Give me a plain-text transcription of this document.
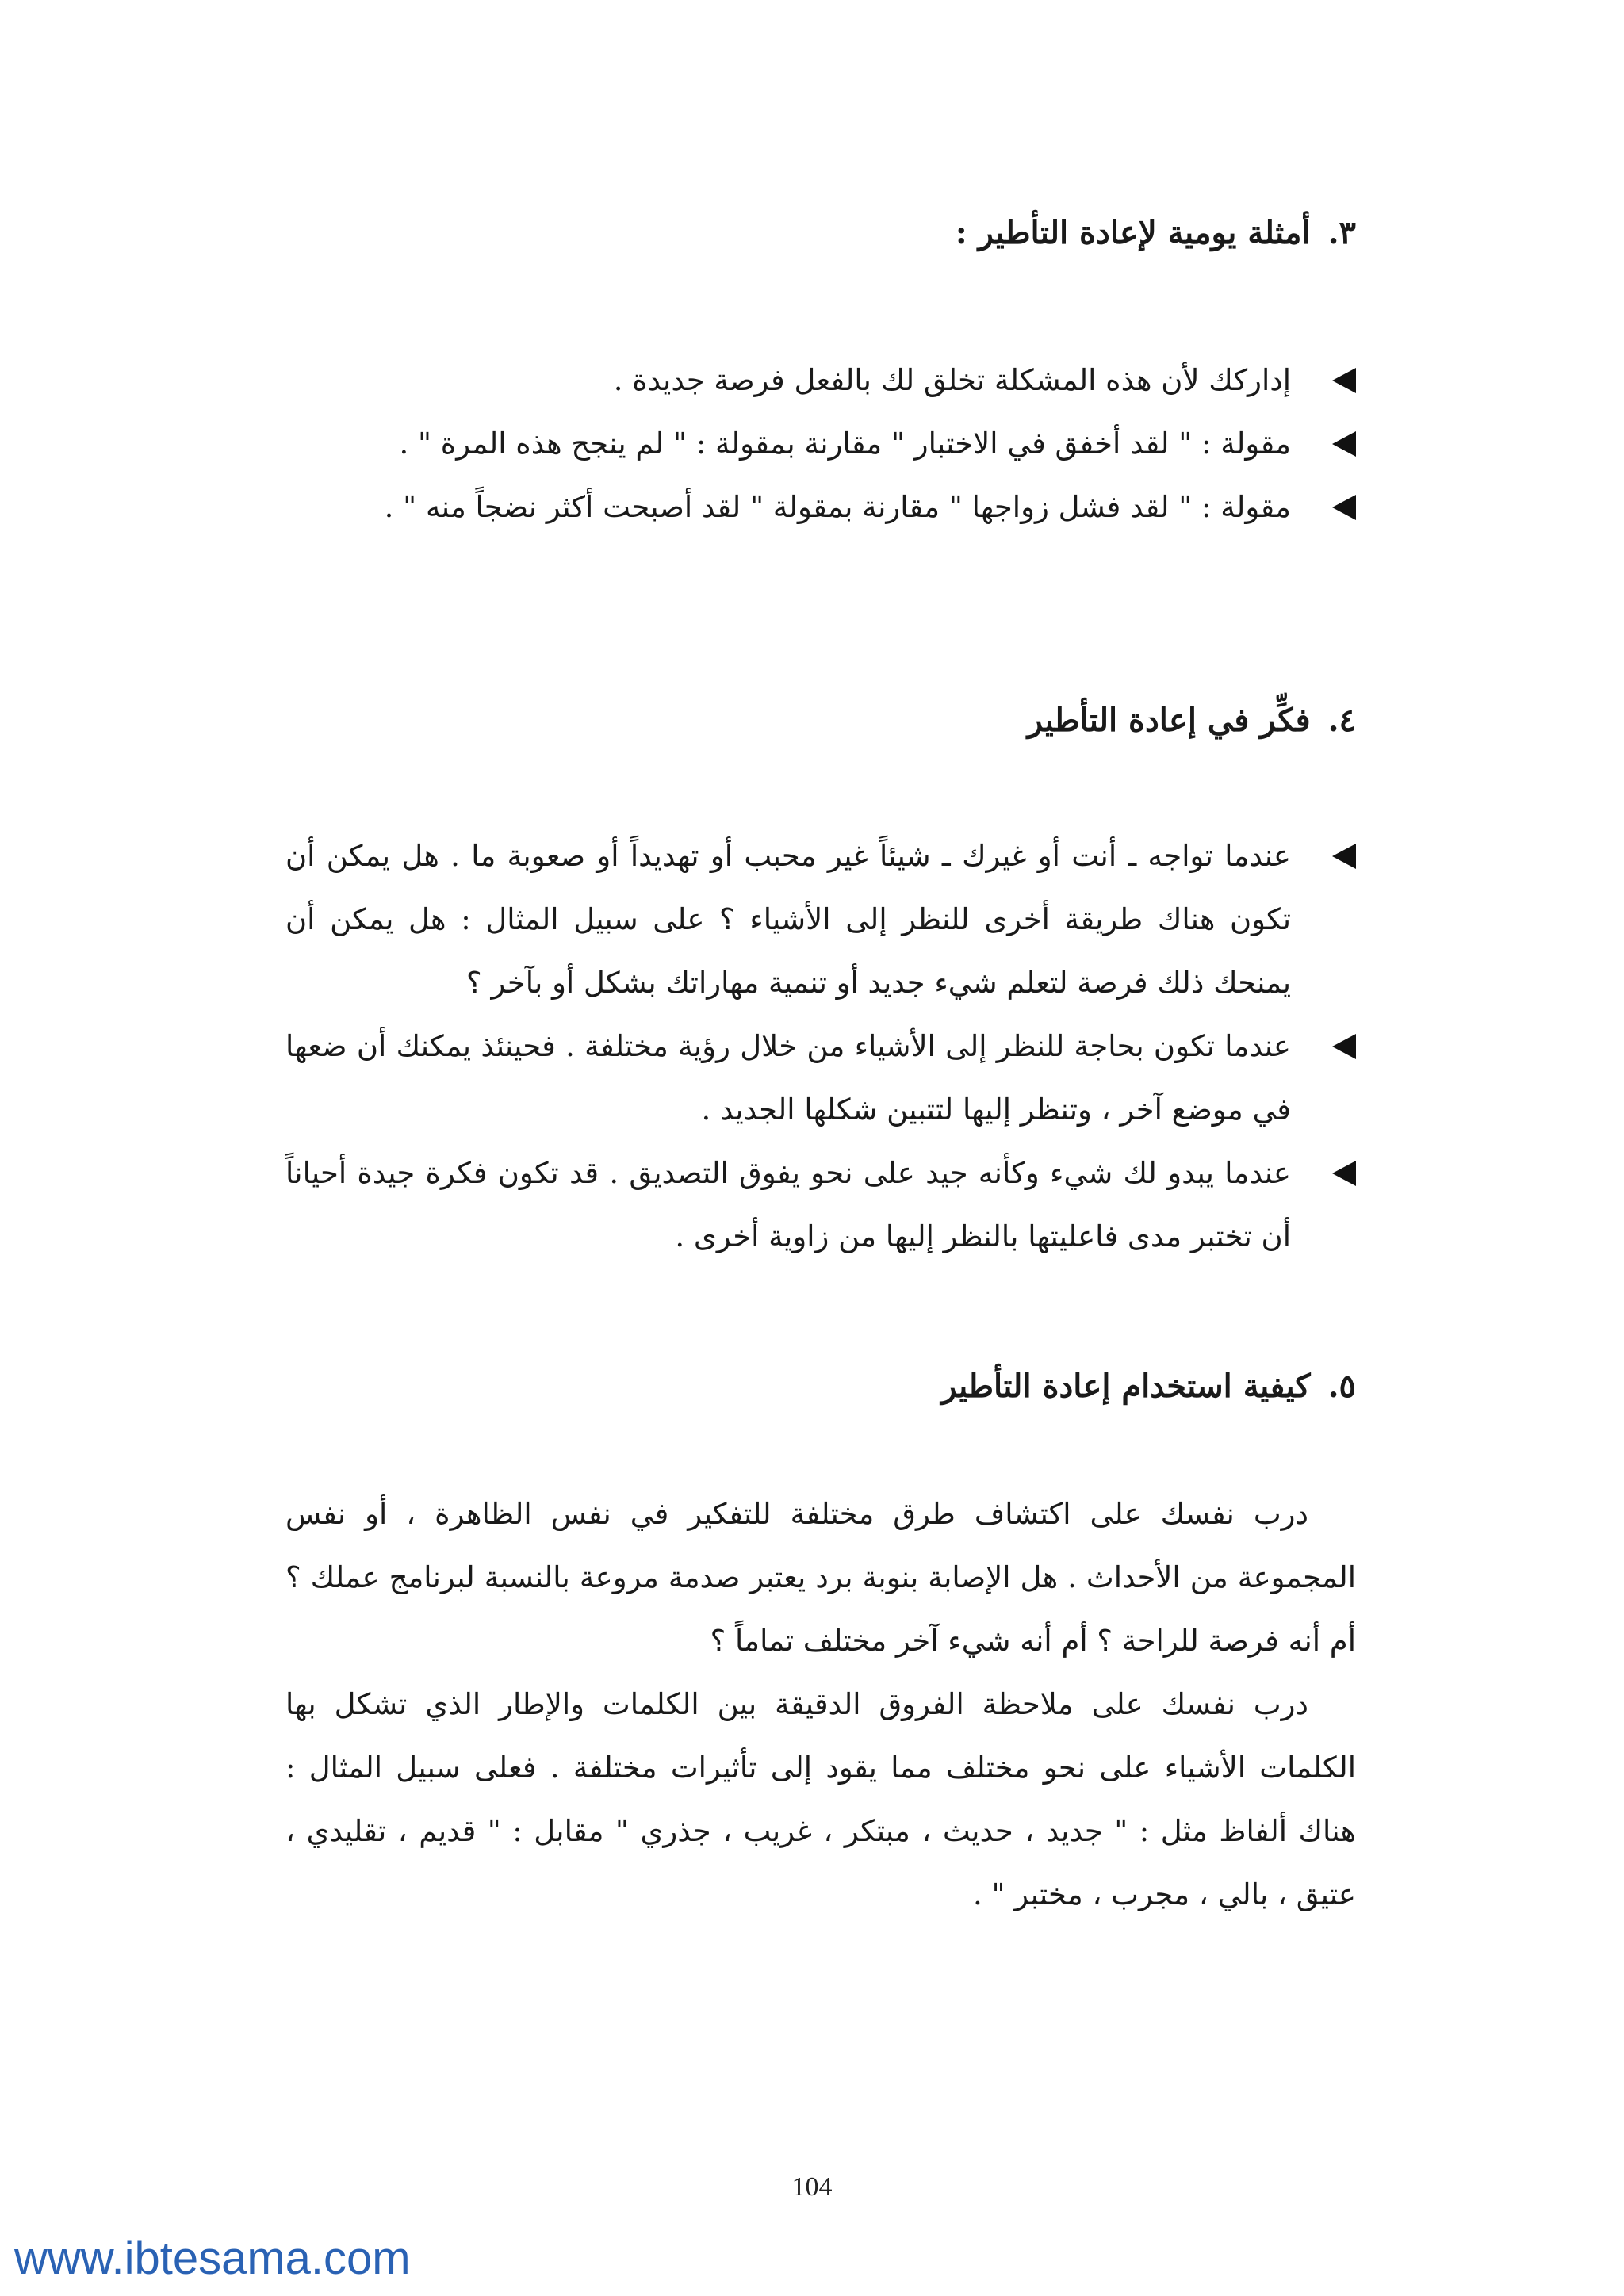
٣.أمثلة يومية لإعادة التأطير :
إداركك لأن هذه المشكلة تخلق لك بالفعل فرصة جديدة .
مقولة : " لقد أخفق في الاختبار " مقارنة بمقولة : " لم ينجح هذه المرة " .
مقولة : " لقد فشل زواجها " مقارنة بمقولة " لقد أصبحت أكثر نضجاً منه " .
٤.فكِّر في إعادة التأطير
عندما تواجه ـ أنت أو غيرك ـ شيئاً غير محبب أو تهديداً أو صعوبة ما . هل يمكن أن تكون هناك طريقة أخرى للنظر إلى الأشياء ؟ على سبيل المثال : هل يمكن أن يمنحك ذلك فرصة لتعلم شيء جديد أو تنمية مهاراتك بشكل أو بآخر ؟
عندما تكون بحاجة للنظر إلى الأشياء من خلال رؤية مختلفة . فحينئذ يمكنك أن ضعها في موضع آخر ، وتنظر إليها لتتبين شكلها الجديد .
عندما يبدو لك شيء وكأنه جيد على نحو يفوق التصديق . قد تكون فكرة جيدة أحياناً أن تختبر مدى فاعليتها بالنظر إليها من زاوية أخرى .
٥.كيفية استخدام إعادة التأطير

درب نفسك على اكتشاف طرق مختلفة للتفكير في نفس الظاهرة ، أو نفس المجموعة من الأحداث . هل الإصابة بنوبة برد يعتبر صدمة مروعة بالنسبة لبرنامج عملك ؟ أم أنه فرصة للراحة ؟ أم أنه شيء آخر مختلف تماماً ؟

درب نفسك على ملاحظة الفروق الدقيقة بين الكلمات والإطار الذي تشكل بها الكلمات الأشياء على نحو مختلف مما يقود إلى تأثيرات مختلفة . فعلى سبيل المثال : هناك ألفاظ مثل : " جديد ، حديث ، مبتكر ، غريب ، جذري " مقابل : " قديم ، تقليدي ، عتيق ، بالي ، مجرب ، مختبر " .

104
www.ibtesama.com
